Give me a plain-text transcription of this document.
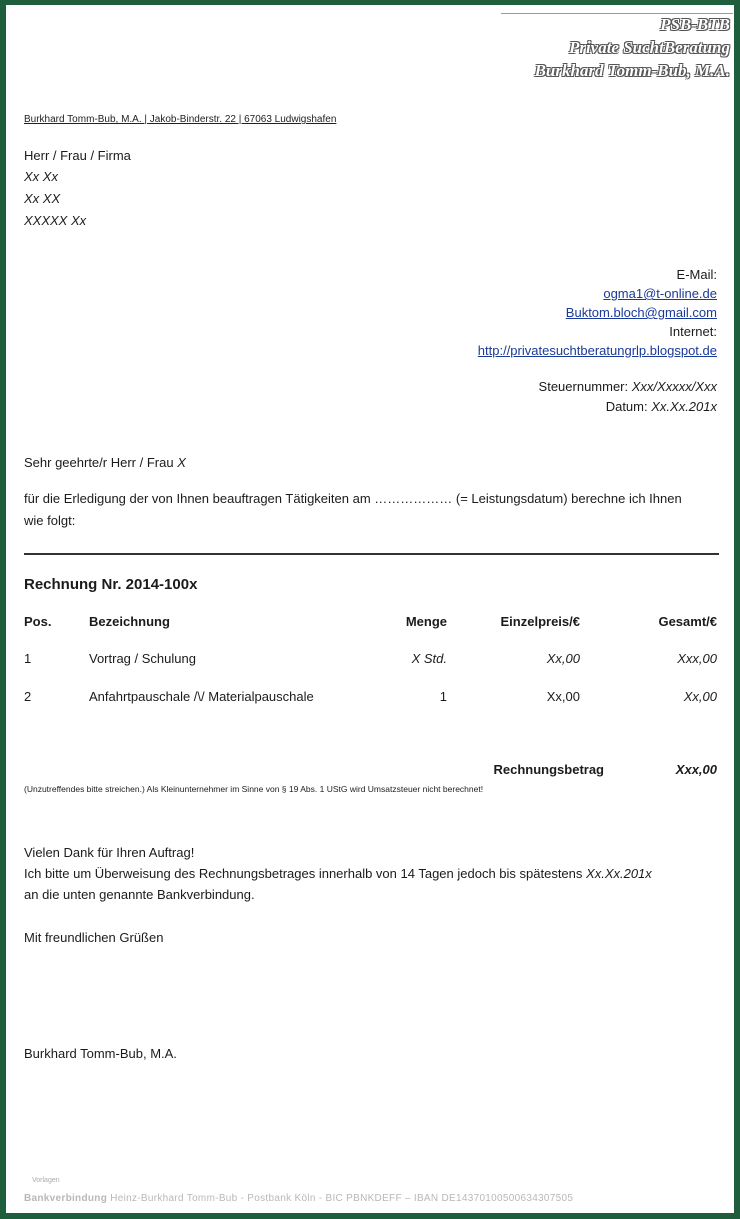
PSB-BTB
Private SuchtBeratung
Burkhard Tomm-Bub, M.A.
Burkhard Tomm-Bub, M.A. | Jakob-Binderstr. 22 | 67063 Ludwigshafen
Herr / Frau / Firma
Xx Xx
Xx XX
XXXXX Xx
E-Mail:
ogma1@t-online.de
Buktom.bloch@gmail.com
Internet:
http://privatesuchtberatungrlp.blogspot.de
Steuernummer: Xxx/Xxxxx/Xxx
Datum: Xx.Xx.201x
Sehr geehrte/r Herr / Frau X
für die Erledigung der von Ihnen beauftragen Tätigkeiten am ……………… (= Leistungsdatum) berechne ich Ihnen
wie folgt:
Rechnung Nr. 2014-100x
Pos.	Bezeichnung	Menge	Einzelpreis/€	Gesamt/€
1	Vortrag / Schulung	X Std.	Xx,00	Xxx,00
2	Anfahrtpauschale /\/ Materialpauschale	1	Xx,00	Xx,00
Rechnungsbetrag	Xxx,00
(Unzutreffendes bitte streichen.) Als Kleinunternehmer im Sinne von § 19 Abs. 1 UStG wird Umsatzsteuer nicht berechnet!
Vielen Dank für Ihren Auftrag!
Ich bitte um Überweisung des Rechnungsbetrages innerhalb von 14 Tagen jedoch bis spätestens Xx.Xx.201x
an die unten genannte Bankverbindung.
Mit freundlichen Grüßen
Burkhard Tomm-Bub, M.A.
Vorlagen
Bankverbindung Heinz-Burkhard Tomm-Bub - Postbank Köln - BIC PBNKDEFF – IBAN DE14370100500634307505
